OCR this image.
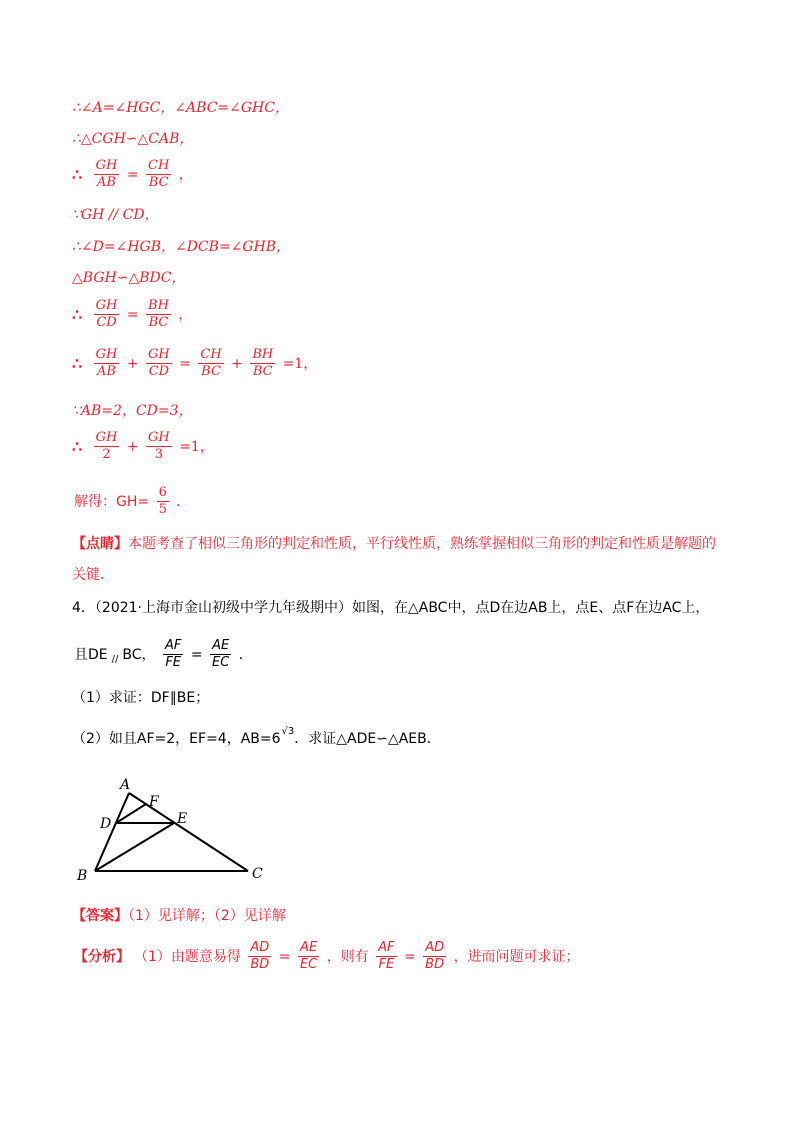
∴∠A=∠HGC，∠ABC=∠GHC，
∴△CGH∽△CAB，
∴ $\frac{GH}{AB} = \frac{CH}{BC}$ ，
∵GH // CD，
∴∠D=∠HGB，∠DCB=∠GHB，
△BGH∽△BDC，
∴ $\frac{GH}{CD} = \frac{BH}{BC}$ ，
∴ $\frac{GH}{AB} + \frac{GH}{CD} = \frac{CH}{BC} + \frac{BH}{BC} =1$，
∵AB=2，CD=3，
∴ $\frac{GH}{2} + \frac{GH}{3} =1$，
解得：$GH= \frac{6}{5}$ ．
【点睛】本题考查了相似三角形的判定和性质，平行线性质，熟练掌握相似三角形的判定和性质是解题的
关键．
4．（2021·上海市金山初级中学九年级期中）如图，在△ABC中，点D在边AB上，点E、点F在边AC上，
且DE // BC， $\frac{AF}{FE} = \frac{AE}{EC}$ ．
（1）求证：DF∥BE；
（2）如且AF=2，EF=4，$AB=6^{√3}$．求证△ADE∽△AEB．
A
F
D	E
B	C
【答案】（1）见详解；（2）见详解
【分析】 （1）由题意易得 $\frac{AD}{BD} = \frac{AE}{EC}$ ，则有 $\frac{AF}{FE} = \frac{AD}{BD}$ ，进而问题可求证；
